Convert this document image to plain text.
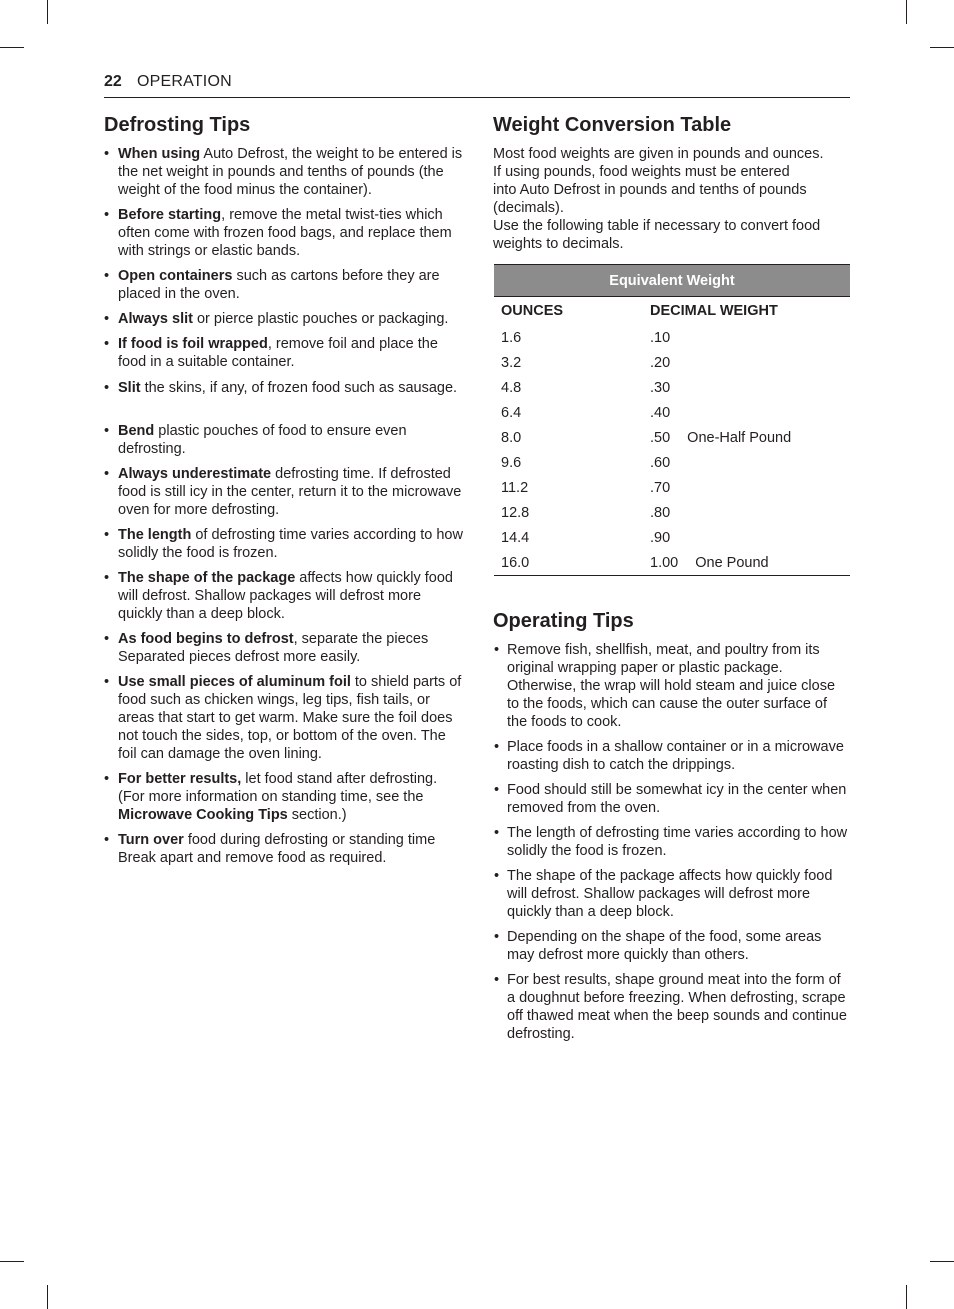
22 OPERATION
Defrosting Tips
• When using Auto Defrost, the weight to be entered is the net weight in pounds and tenths of pounds (the weight of the food minus the container).
• Before starting, remove the metal twist-ties which often come with frozen food bags, and replace them with strings or elastic bands.
• Open containers such as cartons before they are placed in the oven.
• Always slit or pierce plastic pouches or packaging.
• If food is foil wrapped, remove foil and place the food in a suitable container.
• Slit the skins, if any, of frozen food such as sausage.
• Bend plastic pouches of food to ensure even defrosting.
• Always underestimate defrosting time. If defrosted food is still icy in the center, return it to the microwave oven for more defrosting.
• The length of defrosting time varies according to how solidly the food is frozen.
• The shape of the package affects how quickly food will defrost. Shallow packages will defrost more quickly than a deep block.
• As food begins to defrost, separate the pieces Separated pieces defrost more easily.
• Use small pieces of aluminum foil to shield parts of food such as chicken wings, leg tips, fish tails, or areas that start to get warm. Make sure the foil does not touch the sides, top, or bottom of the oven. The foil can damage the oven lining.
• For better results, let food stand after defrosting. (For more information on standing time, see the Microwave Cooking Tips section.)
• Turn over food during defrosting or standing time Break apart and remove food as required.
Weight Conversion Table
Most food weights are given in pounds and ounces.
If using pounds, food weights must be entered
into Auto Defrost in pounds and tenths of pounds
(decimals).
Use the following table if necessary to convert food
weights to decimals.
Equivalent Weight	
OUNCES	DECIMAL WEIGHT
1.6	.10
3.2	.20
4.8	.30
6.4	.40
8.0	.50 One-Half Pound
9.6	.60
11.2	.70
12.8	.80
14.4	.90
16.0	1.00 One Pound
Operating Tips
• Remove fish, shellfish, meat, and poultry from its original wrapping paper or plastic package. Otherwise, the wrap will hold steam and juice close to the foods, which can cause the outer surface of the foods to cook.
• Place foods in a shallow container or in a microwave roasting dish to catch the drippings.
• Food should still be somewhat icy in the center when removed from the oven.
• The length of defrosting time varies according to how solidly the food is frozen.
• The shape of the package affects how quickly food will defrost. Shallow packages will defrost more quickly than a deep block.
• Depending on the shape of the food, some areas may defrost more quickly than others.
• For best results, shape ground meat into the form of a doughnut before freezing. When defrosting, scrape off thawed meat when the beep sounds and continue defrosting.
